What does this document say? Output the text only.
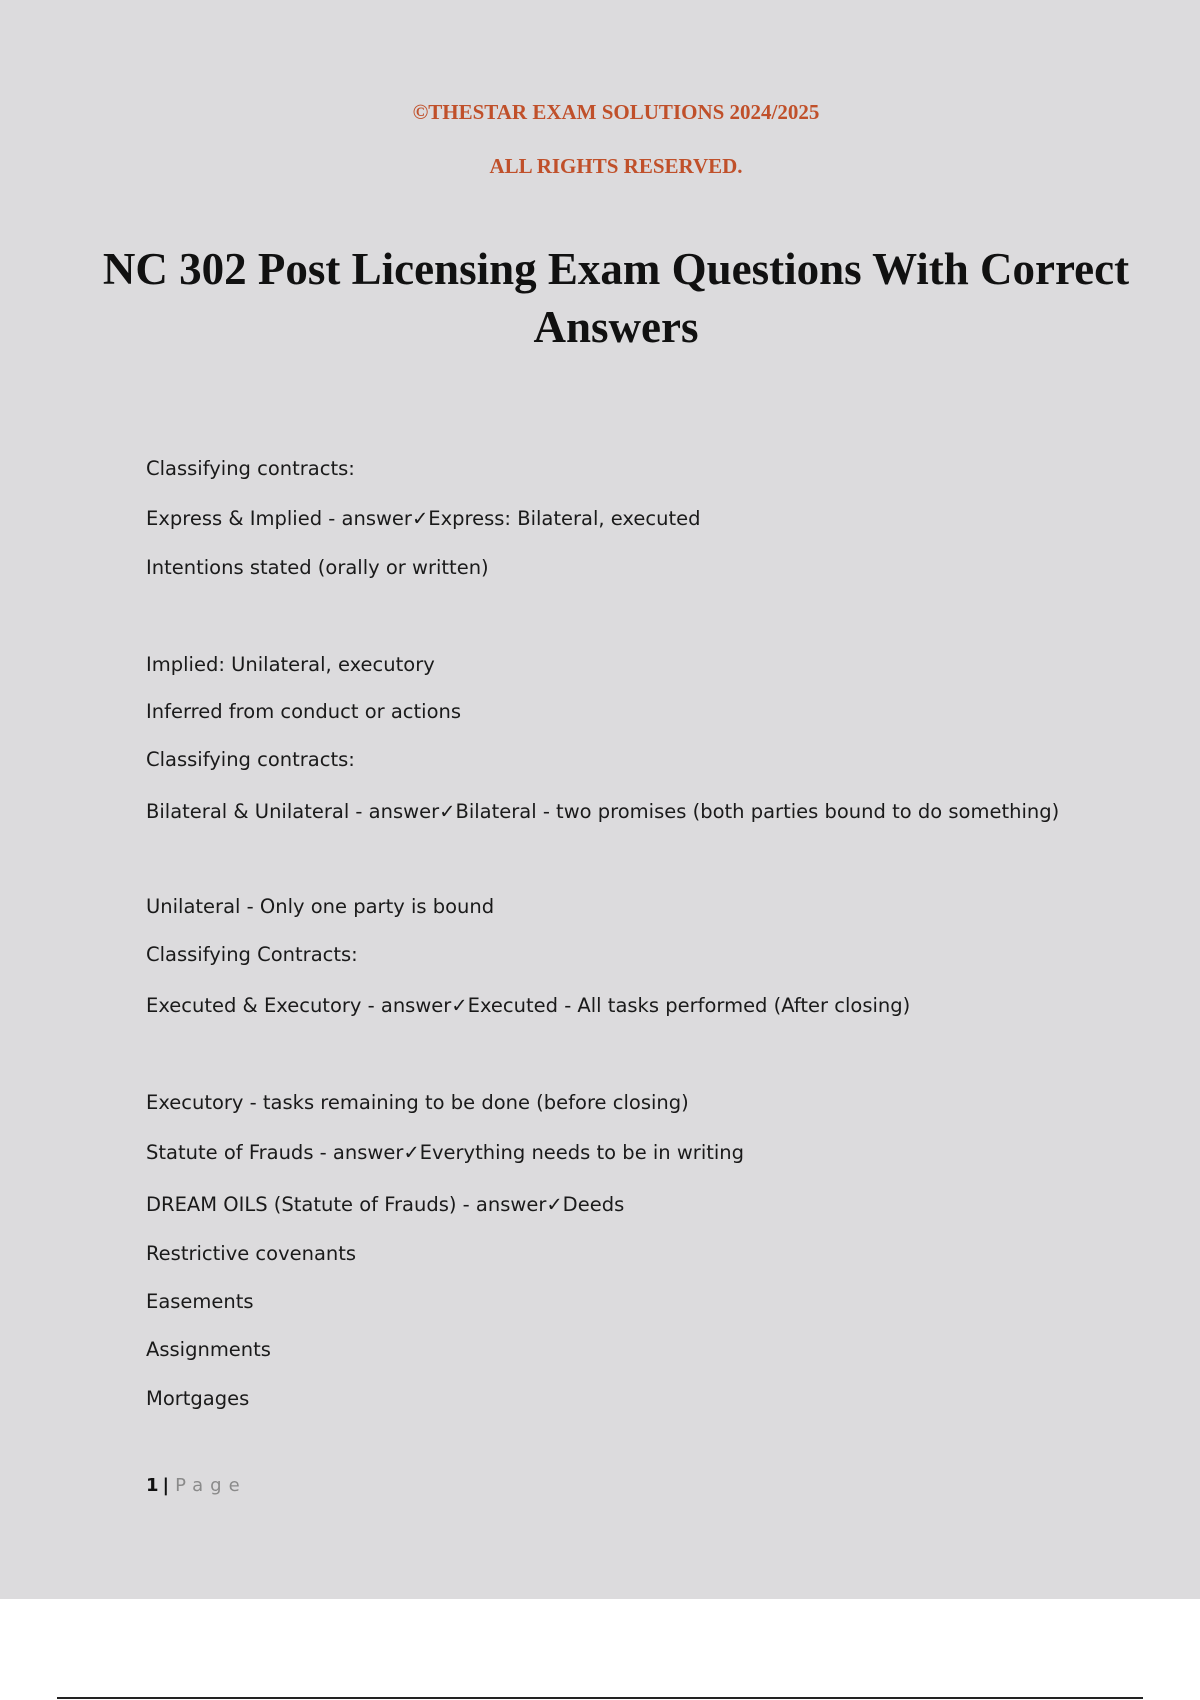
©THESTAR EXAM SOLUTIONS 2024/2025

ALL RIGHTS RESERVED.

NC 302 Post Licensing Exam Questions With Correct Answers

Classifying contracts:

Express & Implied - answer✓Express: Bilateral, executed

Intentions stated (orally or written)

Implied: Unilateral, executory

Inferred from conduct or actions

Classifying contracts:

Bilateral & Unilateral - answer✓Bilateral - two promises (both parties bound to do something)

Unilateral - Only one party is bound

Classifying Contracts:

Executed & Executory - answer✓Executed - All tasks performed (After closing)

Executory - tasks remaining to be done (before closing)

Statute of Frauds - answer✓Everything needs to be in writing

DREAM OILS (Statute of Frauds) - answer✓Deeds

Restrictive covenants

Easements

Assignments

Mortgages

1 | Page
